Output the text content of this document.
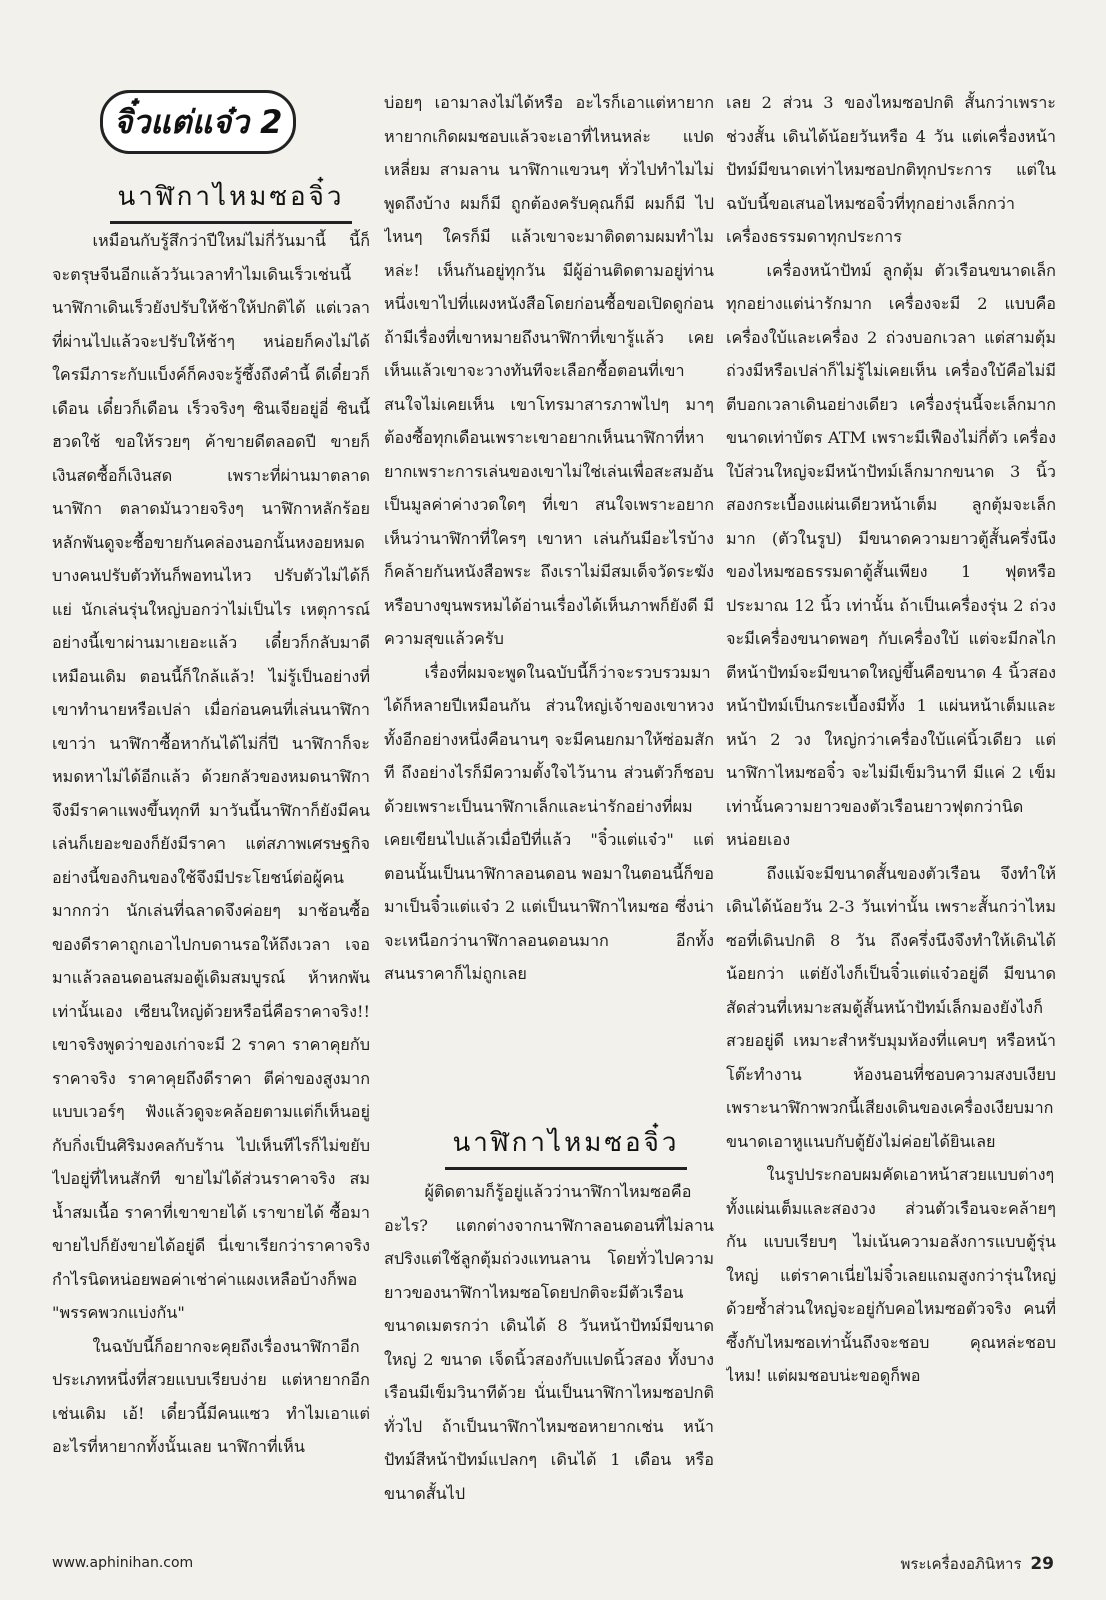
จิ๋วแต่แจ๋ว 2
นาฬิกาไหมซอจิ๋ว

เหมือนกับรู้สึกว่าปีใหม่ไม่กี่วันมานี้ นี้ก็จะตรุษจีนอีกแล้ววันเวลาทำไมเดินเร็วเช่นนี้ นาฬิกาเดินเร็วยังปรับให้ช้าให้ปกติได้ แต่เวลาที่ผ่านไปแล้วจะปรับให้ช้าๆ หน่อยก็คงไม่ได้ ใครมีภาระกับแบ็งค์ก็คงจะรู้ซึ้งถึงคำนี้ ดีเดี๋ยวก็เดือน เดี๋ยวก็เดือน เร็วจริงๆ ซินเจียอยู่อี่ ซินนี้ฮวดใช้ ขอให้รวยๆ ค้าขายดีตลอดปี ขายก็เงินสดซื้อก็เงินสด เพราะที่ผ่านมาตลาดนาฬิกา ตลาดมันวายจริงๆ นาฬิกาหลักร้อย หลักพันดูจะซื้อขายกันคล่องนอกนั้นหงอยหมด บางคนปรับตัวทันก็พอทนไหว ปรับตัวไม่ได้ก็แย่ นักเล่นรุ่นใหญ่บอกว่าไม่เป็นไร เหตุการณ์อย่างนี้เขาผ่านมาเยอะแล้ว เดี๋ยวก็กลับมาดีเหมือนเดิม ตอนนี้ก็ใกล้แล้ว! ไม่รู้เป็นอย่างที่เขาทำนายหรือเปล่า เมื่อก่อนคนที่เล่นนาฬิกาเขาว่า นาฬิกาซื้อหากันได้ไม่กี่ปี นาฬิกาก็จะหมดหาไม่ได้อีกแล้ว ด้วยกลัวของหมดนาฬิกาจึงมีราคาแพงขึ้นทุกที มาวันนี้นาฬิกาก็ยังมีคนเล่นก็เยอะของก็ยังมีราคา แต่สภาพเศรษฐกิจอย่างนี้ของกินของใช้จึงมีประโยชน์ต่อผู้คนมากกว่า นักเล่นที่ฉลาดจึงค่อยๆ มาช้อนซื้อ ของดีราคาถูกเอาไปกบดานรอให้ถึงเวลา เจอมาแล้วลอนดอนสมอตู้เดิมสมบูรณ์ ห้าหกพันเท่านั้นเอง เซียนใหญ่ด้วยหรือนี่คือราคาจริง!! เขาจริงพูดว่าของเก่าจะมี 2 ราคา ราคาคุยกับราคาจริง ราคาคุยถึงดีราคา ตีค่าของสูงมากแบบเวอร์ๆ ฟังแล้วดูจะคล้อยตามแต่ก็เห็นอยู่กับกิ่งเป็นศิริมงคลกับร้าน ไปเห็นทีไรก็ไม่ขยับไปอยู่ที่ไหนสักที ขายไม่ได้ส่วนราคาจริง สมน้ำสมเนื้อ ราคาที่เขาขายได้ เราขายได้ ซื้อมาขายไปก็ยังขายได้อยู่ดี นี่เขาเรียกว่าราคาจริง กำไรนิดหน่อยพอค่าเช่าค่าแผงเหลือบ้างก็พอ "พรรคพวกแบ่งกัน"

ในฉบับนี้ก็อยากจะคุยถึงเรื่องนาฬิกาอีกประเภทหนึ่งที่สวยแบบเรียบง่าย แต่หายากอีกเช่นเดิม เอ้! เดี๋ยวนี้มีคนแซว ทำไมเอาแต่อะไรที่หายากทั้งนั้นเลย นาฬิกาที่เห็น

บ่อยๆ เอามาลงไม่ได้หรือ อะไรก็เอาแต่หายาก หายากเกิดผมชอบแล้วจะเอาที่ไหนหล่ะ แปดเหลี่ยม สามลาน นาฬิกาแขวนๆ ทั่วไปทำไมไม่พูดถึงบ้าง ผมก็มี ถูกต้องครับคุณก็มี ผมก็มี ไปไหนๆ ใครก็มี แล้วเขาจะมาติดตามผมทำไมหล่ะ! เห็นกันอยู่ทุกวัน มีผู้อ่านติดตามอยู่ท่านหนึ่งเขาไปที่แผงหนังสือโดยก่อนซื้อขอเปิดดูก่อน ถ้ามีเรื่องที่เขาหมายถึงนาฬิกาที่เขารู้แล้ว เคยเห็นแล้วเขาจะวางทันทีจะเลือกซื้อตอนที่เขาสนใจไม่เคยเห็น เขาโทรมาสารภาพไปๆ มาๆ ต้องซื้อทุกเดือนเพราะเขาอยากเห็นนาฬิกาที่หายากเพราะการเล่นของเขาไม่ใช่เล่นเพื่อสะสมอันเป็นมูลค่าค่างวดใดๆ ที่เขา สนใจเพราะอยากเห็นว่านาฬิกาที่ใครๆ เขาหา เล่นกันมีอะไรบ้าง ก็คล้ายกันหนังสือพระ ถึงเราไม่มีสมเด็จวัดระฆังหรือบางขุนพรหมได้อ่านเรื่องได้เห็นภาพก็ยังดี มีความสุขแล้วครับ

เรื่องที่ผมจะพูดในฉบับนี้ก็ว่าจะรวบรวมมาได้ก็หลายปีเหมือนกัน ส่วนใหญ่เจ้าของเขาหวง ทั้งอีกอย่างหนึ่งคือนานๆ จะมีคนยกมาให้ซ่อมสักที ถึงอย่างไรก็มีความตั้งใจไว้นาน ส่วนตัวก็ชอบด้วยเพราะเป็นนาฬิกาเล็กและน่ารักอย่างที่ผมเคยเขียนไปแล้วเมื่อปีที่แล้ว "จิ๋วแต่แจ๋ว" แต่ตอนนั้นเป็นนาฬิกาลอนดอน พอมาในตอนนี้ก็ขอมาเป็นจิ๋วแต่แจ๋ว 2 แต่เป็นนาฬิกาไหมซอ ซึ่งน่าจะเหนือกว่านาฬิกาลอนดอนมาก อีกทั้งสนนราคาก็ไม่ถูกเลย

นาฬิกาไหมซอจิ๋ว

ผู้ติดตามก็รู้อยู่แล้วว่านาฬิกาไหมซอคืออะไร? แตกต่างจากนาฬิกาลอนดอนที่ไม่ลานสปริงแต่ใช้ลูกตุ้มถ่วงแทนลาน โดยทั่วไปความยาวของนาฬิกาไหมซอโดยปกติจะมีตัวเรือนขนาดเมตรกว่า เดินได้ 8 วันหน้าปัทม์มีขนาดใหญ่ 2 ขนาด เจ็ดนิ้วสองกับแปดนิ้วสอง ทั้งบางเรือนมีเข็มวินาทีด้วย นั่นเป็นนาฬิกาไหมซอปกติทั่วไป ถ้าเป็นนาฬิกาไหมซอหายากเช่น หน้าปัทม์สีหน้าปัทม์แปลกๆ เดินได้ 1 เดือน หรือขนาดสั้นไป

เลย 2 ส่วน 3 ของไหมซอปกติ สั้นกว่าเพราะช่วงสั้น เดินได้น้อยวันหรือ 4 วัน แต่เครื่องหน้าปัทม์มีขนาดเท่าไหมซอปกติทุกประการ แต่ในฉบับนี้ขอเสนอไหมซอจิ๋วที่ทุกอย่างเล็กกว่าเครื่องธรรมดาทุกประการ

เครื่องหน้าปัทม์ ลูกตุ้ม ตัวเรือนขนาดเล็กทุกอย่างแต่น่ารักมาก เครื่องจะมี 2 แบบคือ เครื่องใบ้และเครื่อง 2 ถ่วงบอกเวลา แต่สามตุ้มถ่วงมีหรือเปล่าก็ไม่รู้ไม่เคยเห็น เครื่องใบ้คือไม่มีตีบอกเวลาเดินอย่างเดียว เครื่องรุ่นนี้จะเล็กมากขนาดเท่าบัตร ATM เพราะมีเฟืองไม่กี่ตัว เครื่องใบ้ส่วนใหญ่จะมีหน้าปัทม์เล็กมากขนาด 3 นิ้วสองกระเบื้องแผ่นเดียวหน้าเต็ม ลูกตุ้มจะเล็กมาก (ตัวในรูป) มีขนาดความยาวตู้สั้นครึ่งนึงของไหมซอธรรมดาตู้สั้นเพียง 1 ฟุตหรือประมาณ 12 นิ้ว เท่านั้น ถ้าเป็นเครื่องรุ่น 2 ถ่วงจะมีเครื่องขนาดพอๆ กับเครื่องใบ้ แต่จะมีกลไกตีหน้าปัทม์จะมีขนาดใหญ่ขึ้นคือขนาด 4 นิ้วสอง หน้าปัทม์เป็นกระเบื้องมีทั้ง 1 แผ่นหน้าเต็มและหน้า 2 วง ใหญ่กว่าเครื่องใบ้แค่นิ้วเดียว แต่นาฬิกาไหมซอจิ๋ว จะไม่มีเข็มวินาที มีแค่ 2 เข็ม เท่านั้นความยาวของตัวเรือนยาวฟุตกว่านิดหน่อยเอง

ถึงแม้จะมีขนาดสั้นของตัวเรือน จึงทำให้เดินได้น้อยวัน 2-3 วันเท่านั้น เพราะสั้นกว่าไหมซอที่เดินปกติ 8 วัน ถึงครึ่งนึงจึงทำให้เดินได้น้อยกว่า แต่ยังไงก็เป็นจิ๋วแต่แจ๋วอยู่ดี มีขนาดสัดส่วนที่เหมาะสมตู้สั้นหน้าปัทม์เล็กมองยังไงก็สวยอยู่ดี เหมาะสำหรับมุมห้องที่แคบๆ หรือหน้าโต๊ะทำงาน ห้องนอนที่ชอบความสงบเงียบ เพราะนาฬิกาพวกนี้เสียงเดินของเครื่องเงียบมาก ขนาดเอาหูแนบกับตู้ยังไม่ค่อยได้ยินเลย

ในรูปประกอบผมคัดเอาหน้าสวยแบบต่างๆ ทั้งแผ่นเต็มและสองวง ส่วนตัวเรือนจะคล้ายๆ กัน แบบเรียบๆ ไม่เน้นความอลังการแบบตู้รุ่นใหญ่ แต่ราคาเนี่ยไม่จิ๋วเลยแถมสูงกว่ารุ่นใหญ่ด้วยซ้ำส่วนใหญ่จะอยู่กับคอไหมซอตัวจริง คนที่ซึ้งกับไหมซอเท่านั้นถึงจะชอบ คุณหล่ะชอบไหม! แต่ผมชอบน่ะขอดูก็พอ

www.aphinihan.com	พระเครื่องอภินิหาร 29
